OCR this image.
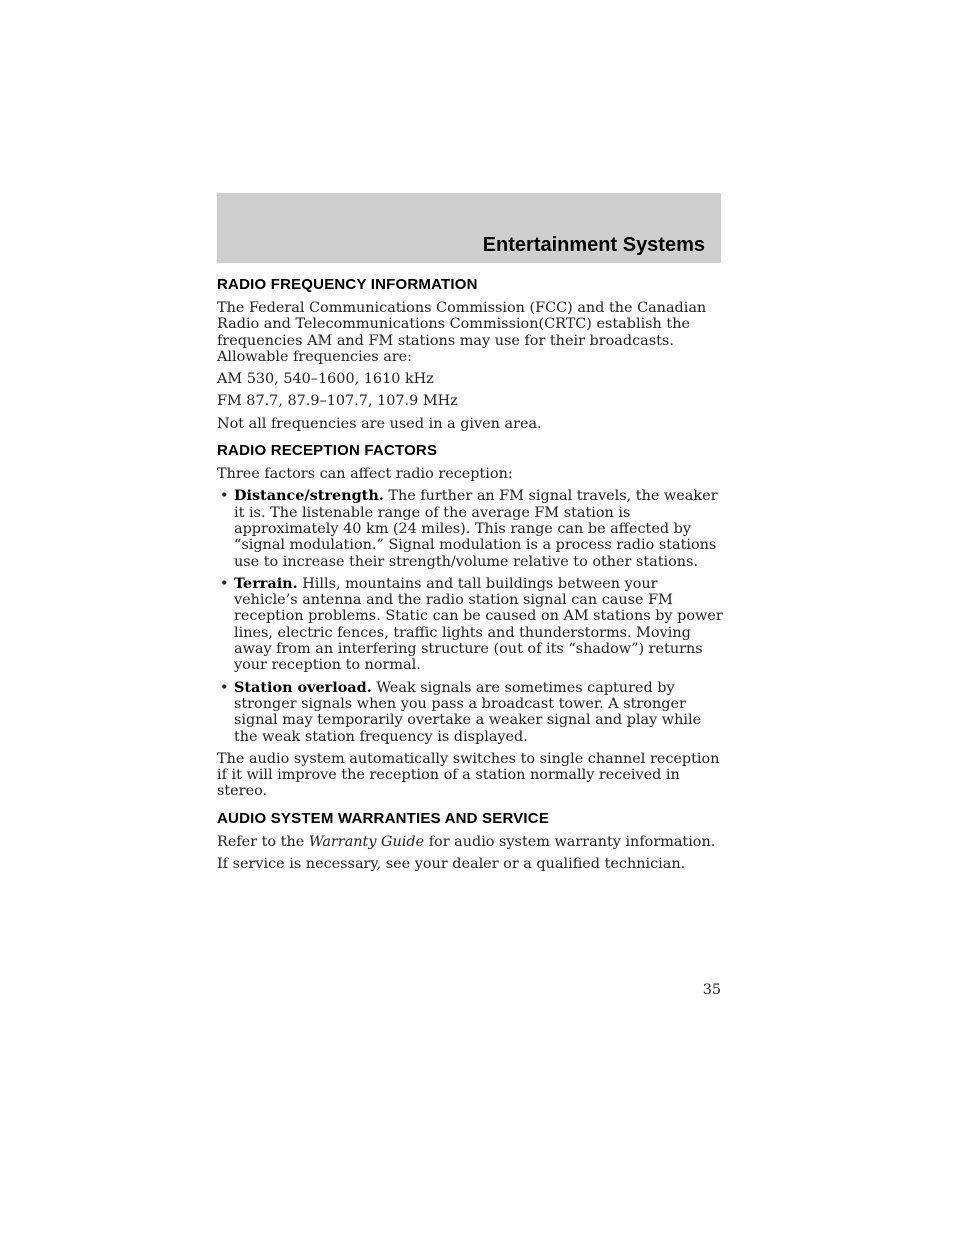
Entertainment Systems
RADIO FREQUENCY INFORMATION

The Federal Communications Commission (FCC) and the Canadian Radio and Telecommunications Commission(CRTC) establish the frequencies AM and FM stations may use for their broadcasts. Allowable frequencies are:

AM 530, 540–1600, 1610 kHz

FM 87.7, 87.9–107.7, 107.9 MHz

Not all frequencies are used in a given area.

RADIO RECEPTION FACTORS

Three factors can affect radio reception:

• Distance/strength. The further an FM signal travels, the weaker it is. The listenable range of the average FM station is approximately 40 km (24 miles). This range can be affected by “signal modulation.” Signal modulation is a process radio stations use to increase their strength/volume relative to other stations.
• Terrain. Hills, mountains and tall buildings between your vehicle’s antenna and the radio station signal can cause FM reception problems. Static can be caused on AM stations by power lines, electric fences, traffic lights and thunderstorms. Moving away from an interfering structure (out of its “shadow”) returns your reception to normal.
• Station overload. Weak signals are sometimes captured by stronger signals when you pass a broadcast tower. A stronger signal may temporarily overtake a weaker signal and play while the weak station frequency is displayed.

The audio system automatically switches to single channel reception if it will improve the reception of a station normally received in stereo.

AUDIO SYSTEM WARRANTIES AND SERVICE

Refer to the Warranty Guide for audio system warranty information.

If service is necessary, see your dealer or a qualified technician.

35
